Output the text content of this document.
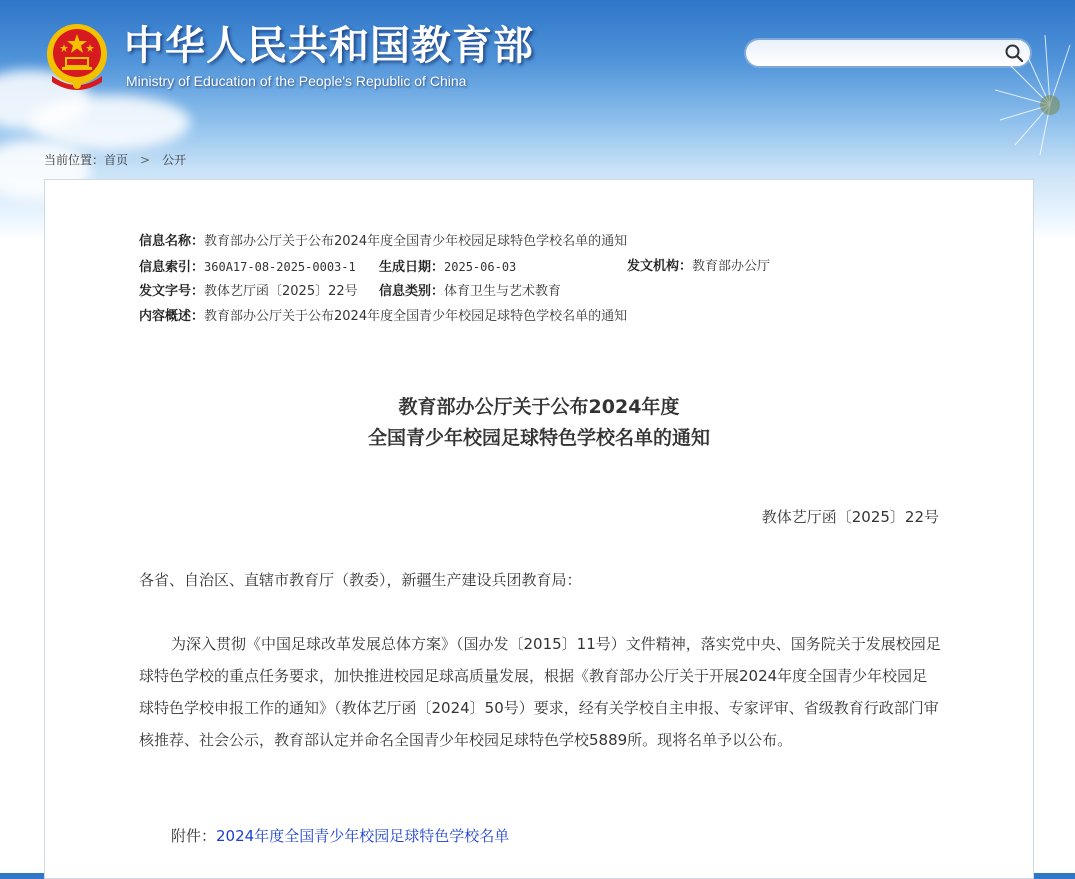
中华人民共和国教育部
Ministry of Education of the People's Republic of China
当前位置： 首页 > 公开
信息名称：教育部办公厅关于公布2024年度全国青少年校园足球特色学校名单的通知
信息索引：360A17-08-2025-0003-1 生成日期：2025-06-03	发文机构：教育部办公厅
发文字号：教体艺厅函〔2025〕22号 信息类别：体育卫生与艺术教育
内容概述：教育部办公厅关于公布2024年度全国青少年校园足球特色学校名单的通知
教育部办公厅关于公布2024年度
全国青少年校园足球特色学校名单的通知
教体艺厅函〔2025〕22号

各省、自治区、直辖市教育厅（教委），新疆生产建设兵团教育局：

为深入贯彻《中国足球改革发展总体方案》（国办发〔2015〕11号）文件精神，落实党中央、国务院关于发展校园足球特色学校的重点任务要求，加快推进校园足球高质量发展，根据《教育部办公厅关于开展2024年度全国青少年校园足球特色学校申报工作的通知》（教体艺厅函〔2024〕50号）要求，经有关学校自主申报、专家评审、省级教育行政部门审核推荐、社会公示，教育部认定并命名全国青少年校园足球特色学校5889所。现将名单予以公布。

附件：2024年度全国青少年校园足球特色学校名单
